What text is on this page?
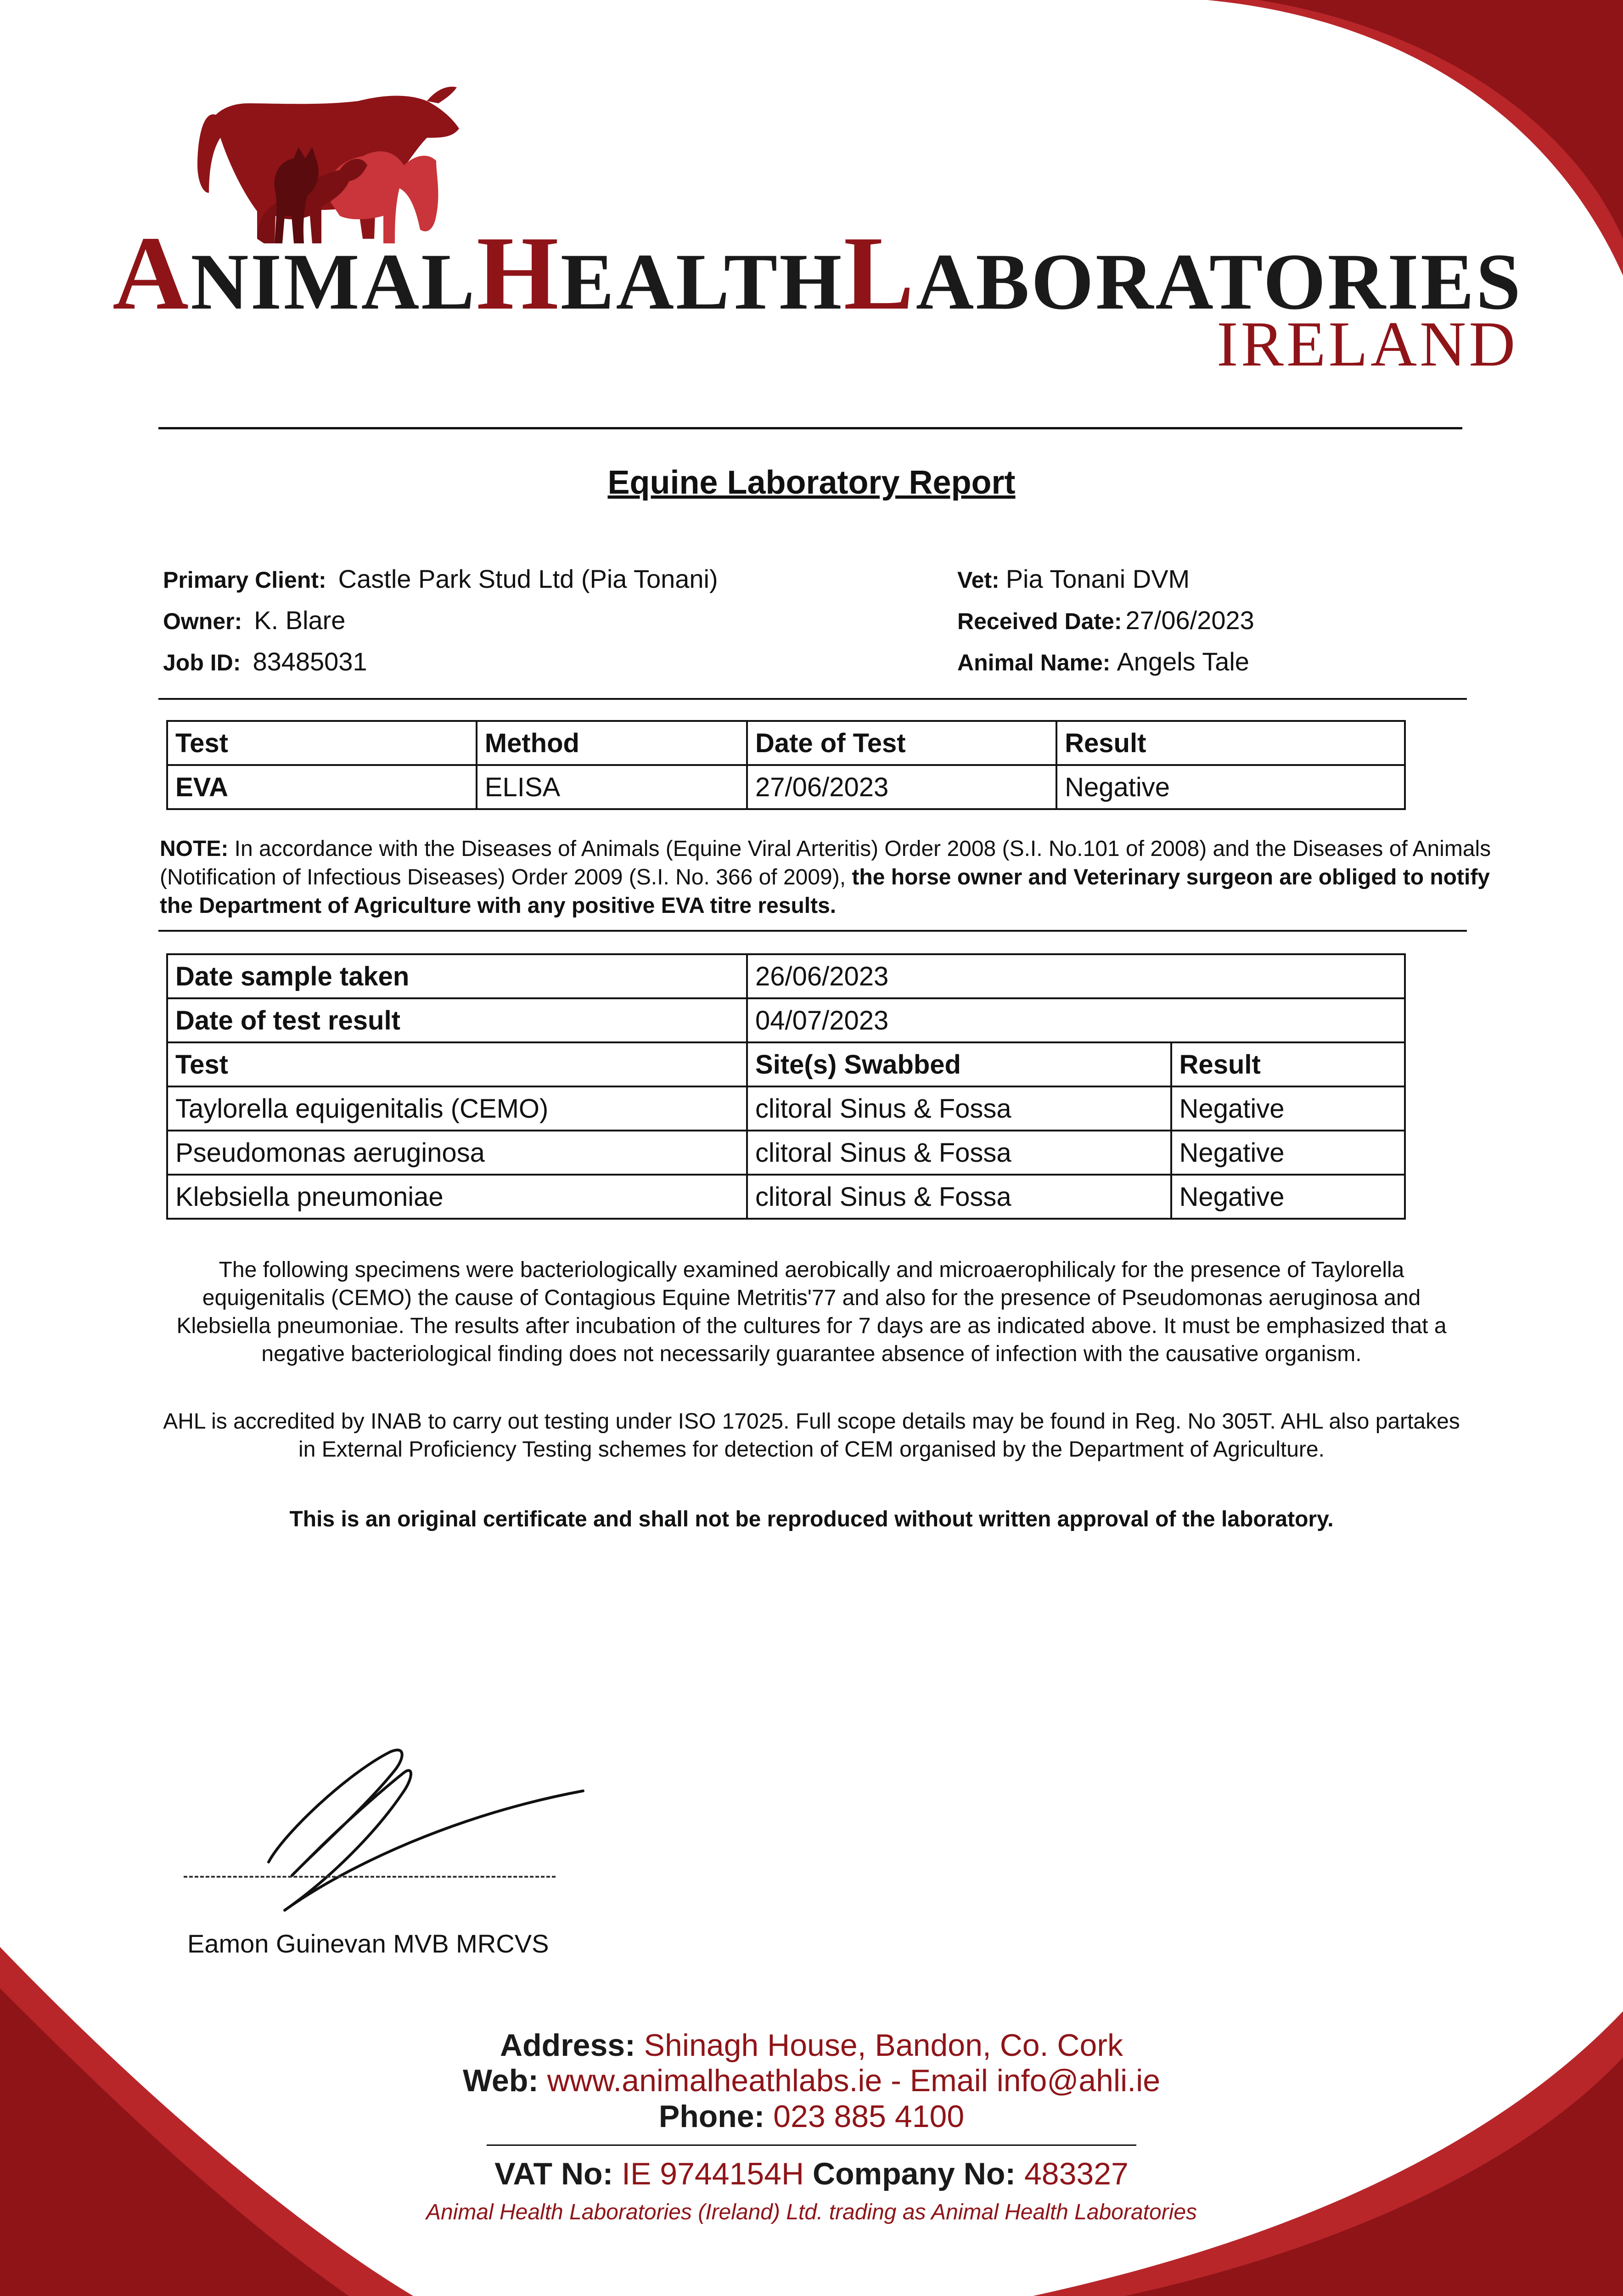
ANIMALHEALTHLABORATORIES
IRELAND
Equine Laboratory Report
Primary Client: Castle Park Stud Ltd (Pia Tonani)
Owner: K. Blare
Job ID: 83485031
Vet: Pia Tonani DVM
Received Date: 27/06/2023
Animal Name: Angels Tale
Test	Method	Date of Test	Result
EVA	ELISA	27/06/2023	Negative
NOTE: In accordance with the Diseases of Animals (Equine Viral Arteritis) Order 2008 (S.I. No.101 of 2008) and the Diseases of Animals (Notification of Infectious Diseases) Order 2009 (S.I. No. 366 of 2009), the horse owner and Veterinary surgeon are obliged to notify the Department of Agriculture with any positive EVA titre results.
Date sample taken	26/06/2023	
Date of test result	04/07/2023	
Test	Site(s) Swabbed	Result
Taylorella equigenitalis (CEMO)	clitoral Sinus & Fossa	Negative
Pseudomonas aeruginosa	clitoral Sinus & Fossa	Negative
Klebsiella pneumoniae	clitoral Sinus & Fossa	Negative
The following specimens were bacteriologically examined aerobically and microaerophilicaly for the presence of Taylorella equigenitalis (CEMO) the cause of Contagious Equine Metritis'77 and also for the presence of Pseudomonas aeruginosa and Klebsiella pneumoniae. The results after incubation of the cultures for 7 days are as indicated above. It must be emphasized that a negative bacteriological finding does not necessarily guarantee absence of infection with the causative organism.
AHL is accredited by INAB to carry out testing under ISO 17025. Full scope details may be found in Reg. No 305T. AHL also partakes in External Proficiency Testing schemes for detection of CEM organised by the Department of Agriculture.
This is an original certificate and shall not be reproduced without written approval of the laboratory.
Eamon Guinevan MVB MRCVS
Address: Shinagh House, Bandon, Co. Cork
Web: www.animalheathlabs.ie - Email info@ahli.ie
Phone: 023 885 4100
VAT No: IE 9744154H Company No: 483327
Animal Health Laboratories (Ireland) Ltd. trading as Animal Health Laboratories
